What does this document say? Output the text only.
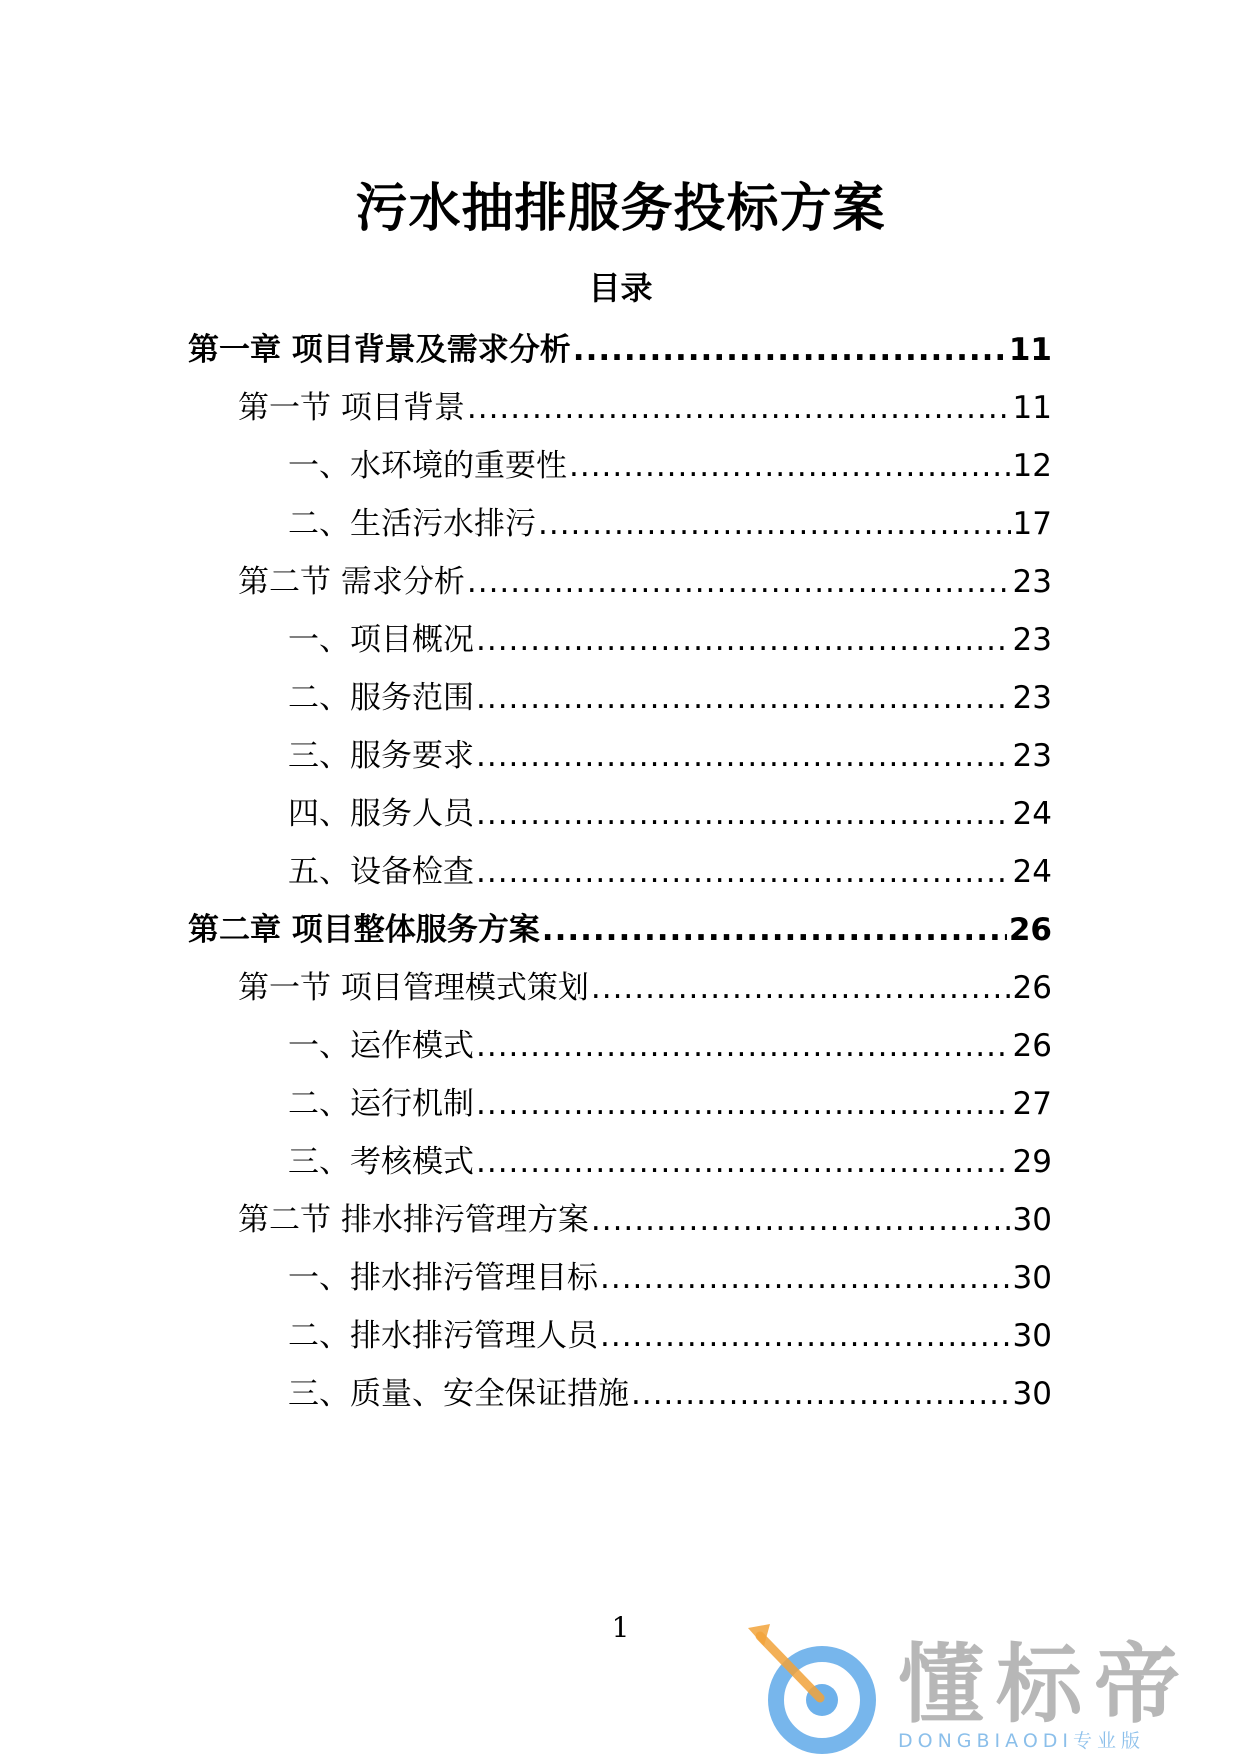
污水抽排服务投标方案
目录
第一章 项目背景及需求分析 .....	11
第一节 项目背景 .....	11
一、水环境的重要性 .....	12
二、生活污水排污 .....	17
第二节 需求分析 .....	23
一、项目概况 .....	23
二、服务范围 .....	23
三、服务要求 .....	23
四、服务人员 .....	24
五、设备检查 .....	24
第二章 项目整体服务方案 .....	26
第一节 项目管理模式策划 .....	26
一、运作模式 .....	26
二、运行机制 .....	27
三、考核模式 .....	29
第二节 排水排污管理方案 .....	30
一、排水排污管理目标 .....	30
二、排水排污管理人员 .....	30
三、质量、安全保证措施 .....	30
1
懂标帝
DONGBIAODI专业版
